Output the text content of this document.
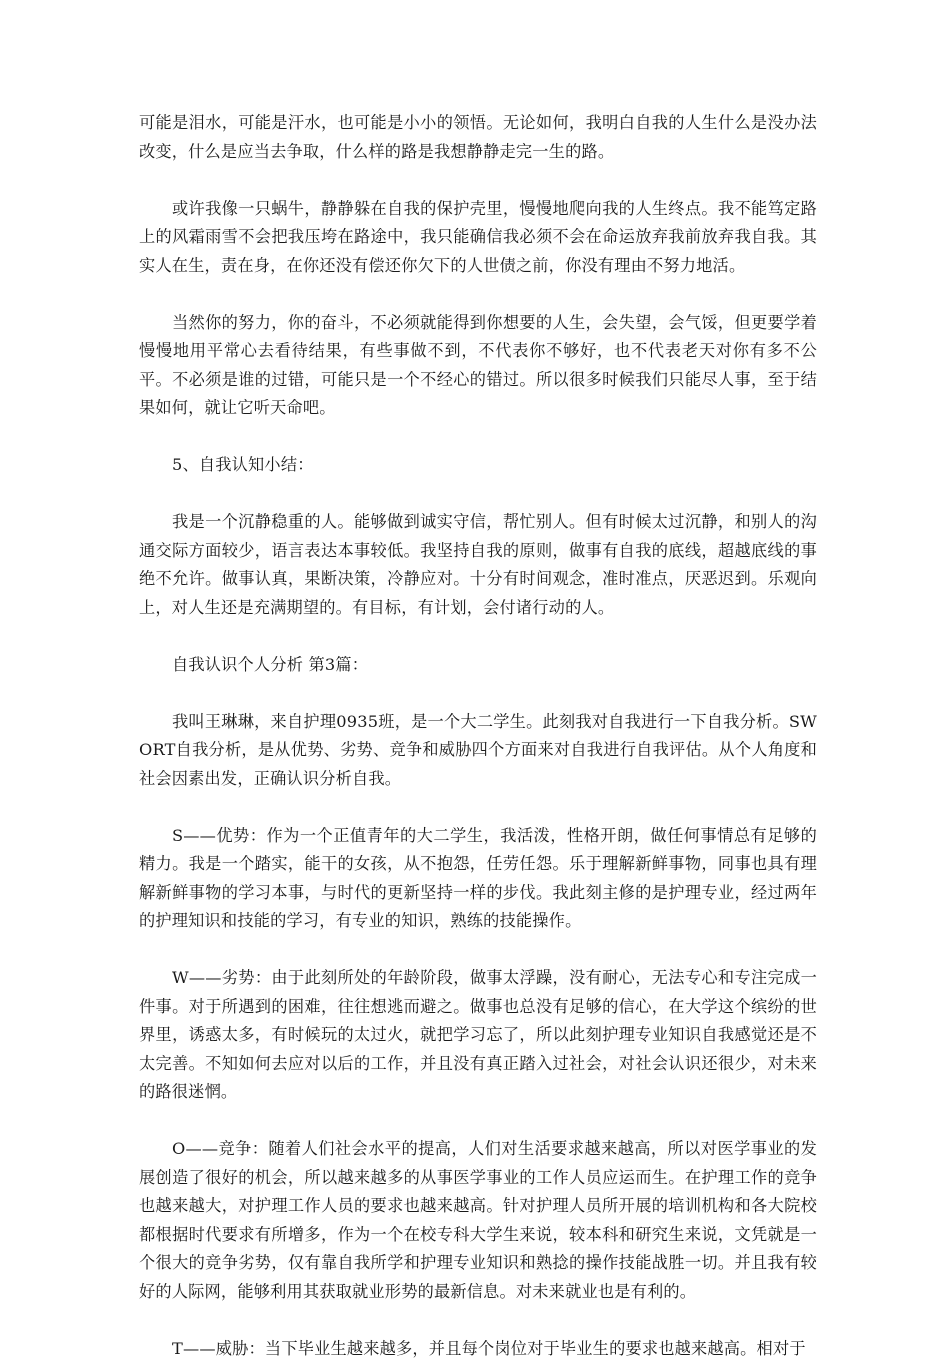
可能是泪水，可能是汗水，也可能是小小的领悟。无论如何，我明白自我的人生什么是没办法改变，什么是应当去争取，什么样的路是我想静静走完一生的路。

或许我像一只蜗牛，静静躲在自我的保护壳里，慢慢地爬向我的人生终点。我不能笃定路上的风霜雨雪不会把我压垮在路途中，我只能确信我必须不会在命运放弃我前放弃我自我。其实人在生，责在身，在你还没有偿还你欠下的人世债之前，你没有理由不努力地活。

当然你的努力，你的奋斗，不必须就能得到你想要的人生，会失望，会气馁，但更要学着慢慢地用平常心去看待结果，有些事做不到，不代表你不够好，也不代表老天对你有多不公平。不必须是谁的过错，可能只是一个不经心的错过。所以很多时候我们只能尽人事，至于结果如何，就让它听天命吧。

5、自我认知小结：

我是一个沉静稳重的人。能够做到诚实守信，帮忙别人。但有时候太过沉静，和别人的沟通交际方面较少，语言表达本事较低。我坚持自我的原则，做事有自我的底线，超越底线的事绝不允许。做事认真，果断决策，冷静应对。十分有时间观念，准时准点，厌恶迟到。乐观向上，对人生还是充满期望的。有目标，有计划，会付诸行动的人。

自我认识个人分析 第3篇：

我叫王琳琳，来自护理0935班，是一个大二学生。此刻我对自我进行一下自我分析。SWORT自我分析，是从优势、劣势、竞争和威胁四个方面来对自我进行自我评估。从个人角度和社会因素出发，正确认识分析自我。

S——优势：作为一个正值青年的大二学生，我活泼，性格开朗，做任何事情总有足够的精力。我是一个踏实，能干的女孩，从不抱怨，任劳任怨。乐于理解新鲜事物，同事也具有理解新鲜事物的学习本事，与时代的更新坚持一样的步伐。我此刻主修的是护理专业，经过两年的护理知识和技能的学习，有专业的知识，熟练的技能操作。

W——劣势：由于此刻所处的年龄阶段，做事太浮躁，没有耐心，无法专心和专注完成一件事。对于所遇到的困难，往往想逃而避之。做事也总没有足够的信心，在大学这个缤纷的世界里，诱惑太多，有时候玩的太过火，就把学习忘了，所以此刻护理专业知识自我感觉还是不太完善。不知如何去应对以后的工作，并且没有真正踏入过社会，对社会认识还很少，对未来的路很迷惘。

O——竞争：随着人们社会水平的提高，人们对生活要求越来越高，所以对医学事业的发展创造了很好的机会，所以越来越多的从事医学事业的工作人员应运而生。在护理工作的竞争也越来越大，对护理工作人员的要求也越来越高。针对护理人员所开展的培训机构和各大院校都根据时代要求有所增多，作为一个在校专科大学生来说，较本科和研究生来说，文凭就是一个很大的竞争劣势，仅有靠自我所学和护理专业知识和熟捻的操作技能战胜一切。并且我有较好的人际网，能够利用其获取就业形势的最新信息。对未来就业也是有利的。

T——威胁：当下毕业生越来越多，并且每个岗位对于毕业生的要求也越来越高。相对于
